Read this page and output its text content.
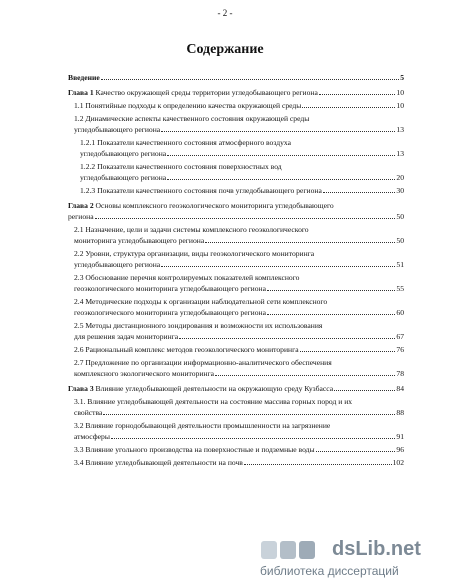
- 2 -
Содержание
Введение	5
Глава 1 Качество окружающей среды территории угледобывающего региона	10
1.1 Понятийные подходы к определению качества окружающей среды	10
1.2 Динамические аспекты качественного состояния окружающей среды
угледобывающего региона	13
1.2.1 Показатели качественного состояния атмосферного воздуха
угледобывающего региона	13
1.2.2 Показатели качественного состояния поверхностных вод
угледобывающего региона	20
1.2.3 Показатели качественного состояния почв угледобывающего региона	30
Глава 2 Основы комплексного геоэкологического мониторинга угледобывающего
региона	50
2.1 Назначение, цели и задачи системы комплексного геоэкологического
мониторинга угледобывающего региона	50
2.2 Уровни, структура организации, виды геоэкологического мониторинга
угледобывающего региона	51
2.3 Обоснование перечня контролируемых показателей комплексного
геоэкологического мониторинга угледобывающего региона	55
2.4 Методические подходы к организации наблюдательной сети комплексного
геоэкологического мониторинга угледобывающего региона	60
2.5 Методы дистанционного зондирования и возможности их использования
для решения задач мониторинга	67
2.6 Рациональный комплекс методов геоэкологического мониторинга	76
2.7 Предложение по организации информационно-аналитического обеспечения
комплексного экологического мониторинга	78
Глава 3 Влияние угледобывающей деятельности на окружающую среду Кузбасса	84
3.1. Влияние угледобывающей деятельности на состояние массива горных пород и их
свойства	88
3.2 Влияние горнодобывающей деятельности промышленности на загрязнение
атмосферы	91
3.3 Влияние угольного производства на поверхностные и подземные воды	96
3.4 Влияние угледобывающей деятельности на почв	102
dsLib.net
библиотека диссертаций
